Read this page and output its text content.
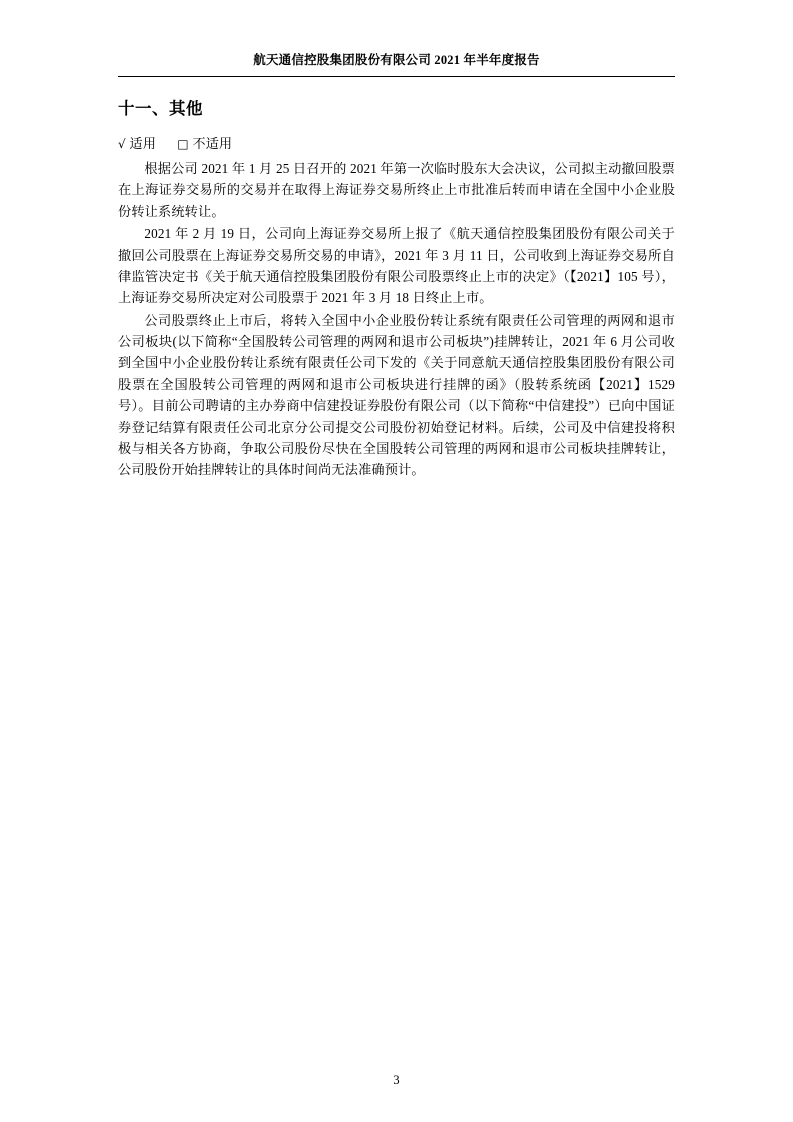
航天通信控股集团股份有限公司 2021 年半年度报告
十一、其他
√ 适用 □ 不适用

根据公司 2021 年 1 月 25 日召开的 2021 年第一次临时股东大会决议，公司拟主动撤回股票在上海证券交易所的交易并在取得上海证券交易所终止上市批准后转而申请在全国中小企业股份转让系统转让。

2021 年 2 月 19 日，公司向上海证券交易所上报了《航天通信控股集团股份有限公司关于撤回公司股票在上海证券交易所交易的申请》，2021 年 3 月 11 日，公司收到上海证券交易所自律监管决定书《关于航天通信控股集团股份有限公司股票终止上市的决定》（【2021】105 号），上海证券交易所决定对公司股票于 2021 年 3 月 18 日终止上市。

公司股票终止上市后，将转入全国中小企业股份转让系统有限责任公司管理的两网和退市公司板块(以下简称“全国股转公司管理的两网和退市公司板块”)挂牌转让，2021 年 6 月公司收到全国中小企业股份转让系统有限责任公司下发的《关于同意航天通信控股集团股份有限公司股票在全国股转公司管理的两网和退市公司板块进行挂牌的函》（股转系统函【2021】1529 号）。目前公司聘请的主办券商中信建投证券股份有限公司（以下简称“中信建投”）已向中国证券登记结算有限责任公司北京分公司提交公司股份初始登记材料。后续，公司及中信建投将积极与相关各方协商，争取公司股份尽快在全国股转公司管理的两网和退市公司板块挂牌转让，公司股份开始挂牌转让的具体时间尚无法准确预计。

3
